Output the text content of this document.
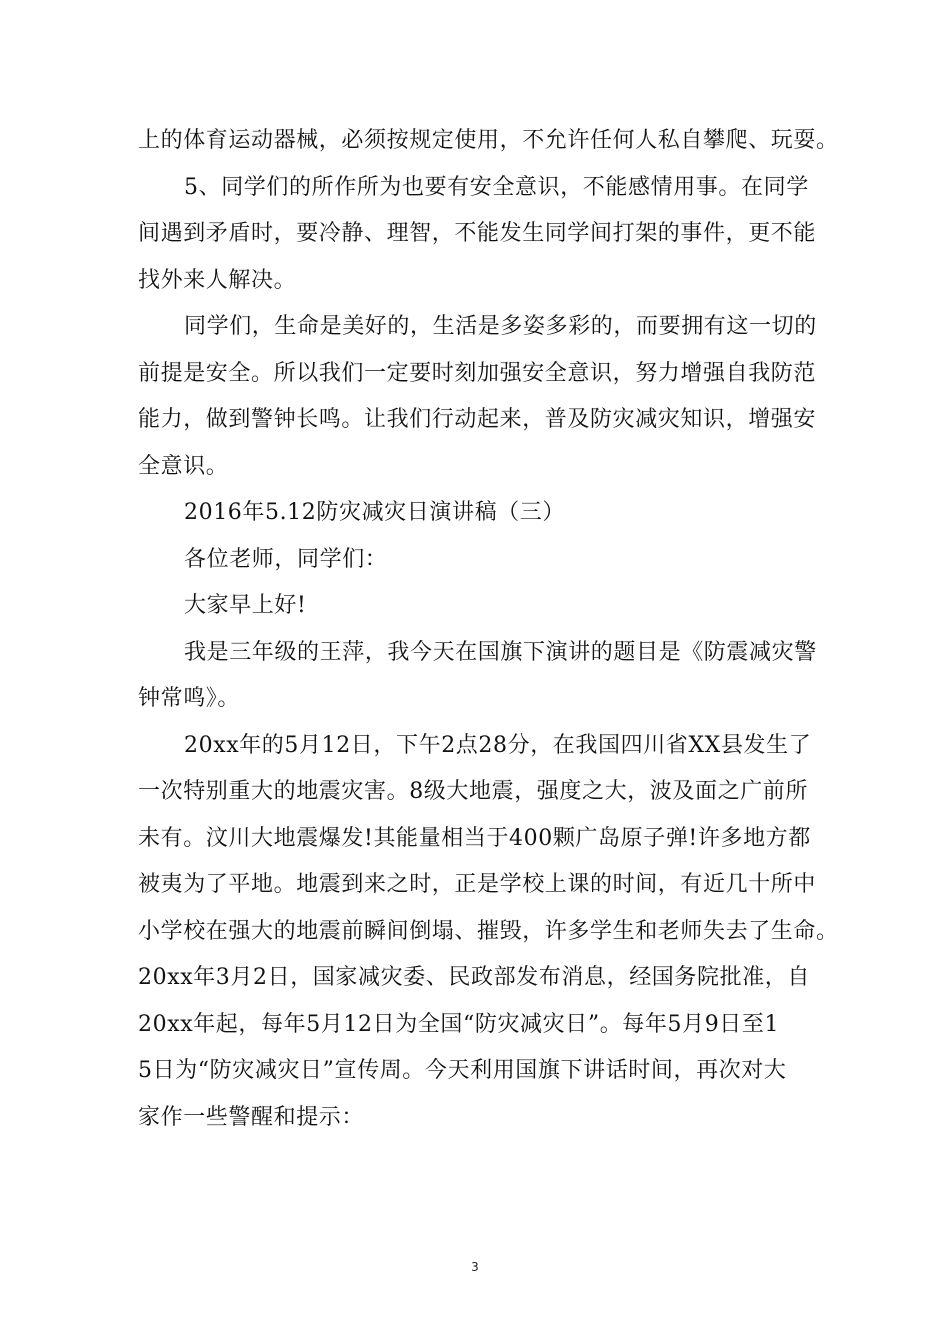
上的体育运动器械，必须按规定使用，不允许任何人私自攀爬、玩耍。
5、同学们的所作所为也要有安全意识，不能感情用事。在同学
间遇到矛盾时，要冷静、理智，不能发生同学间打架的事件，更不能
找外来人解决。
同学们，生命是美好的，生活是多姿多彩的，而要拥有这一切的
前提是安全。所以我们一定要时刻加强安全意识，努力增强自我防范
能力，做到警钟长鸣。让我们行动起来，普及防灾减灾知识，增强安
全意识。
2016年5.12防灾减灾日演讲稿（三）
各位老师，同学们：
大家早上好!
我是三年级的王萍，我今天在国旗下演讲的题目是《防震减灾警
钟常鸣》。
20xx年的5月12日，下午2点28分，在我国四川省XX县发生了
一次特别重大的地震灾害。8级大地震，强度之大，波及面之广前所
未有。汶川大地震爆发!其能量相当于400颗广岛原子弹!许多地方都
被夷为了平地。地震到来之时，正是学校上课的时间，有近几十所中
小学校在强大的地震前瞬间倒塌、摧毁，许多学生和老师失去了生命。
20xx年3月2日，国家减灾委、民政部发布消息，经国务院批准，自
20xx年起，每年5月12日为全国“防灾减灾日”。每年5月9日至1
5日为“防灾减灾日”宣传周。今天利用国旗下讲话时间，再次对大
家作一些警醒和提示：
3
